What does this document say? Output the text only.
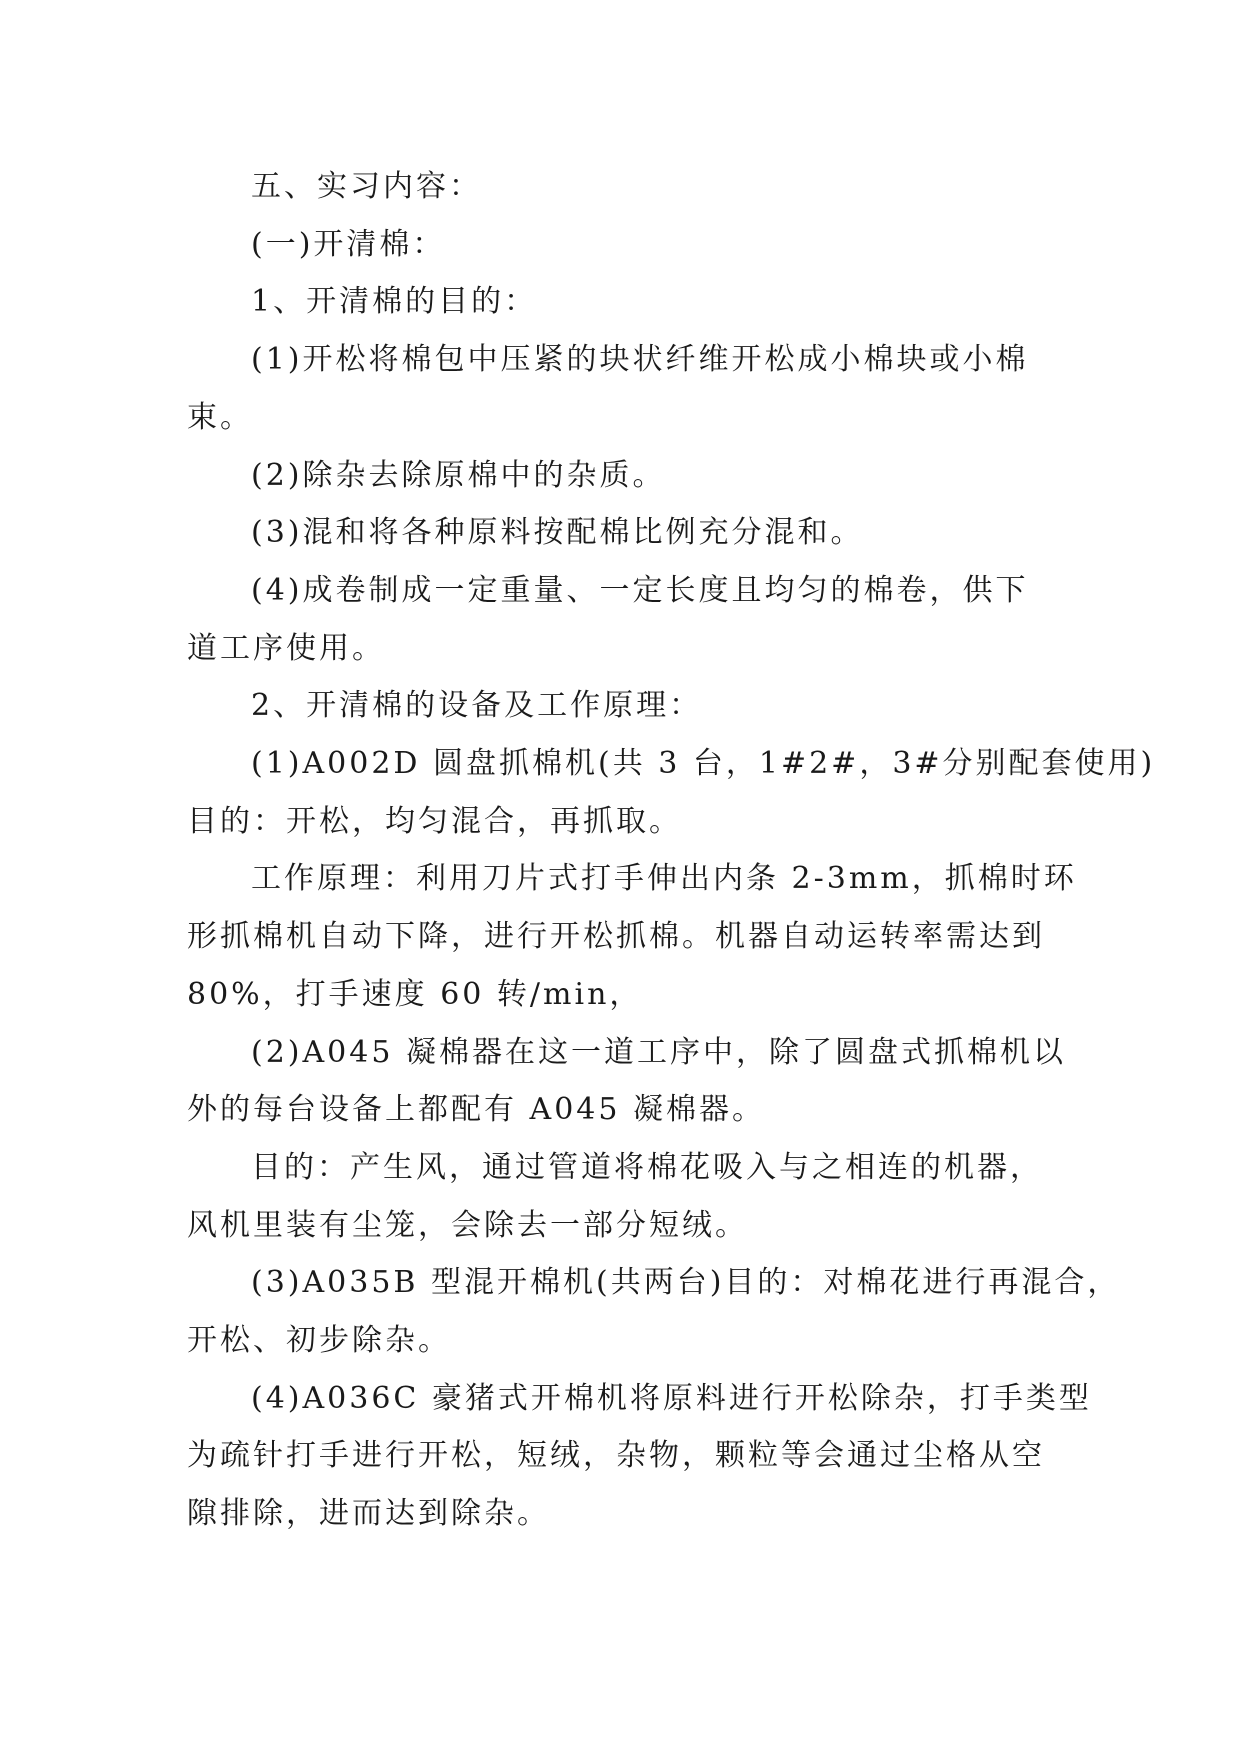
五、实习内容：
(一)开清棉：
1、开清棉的目的：
(1)开松将棉包中压紧的块状纤维开松成小棉块或小棉
束。
(2)除杂去除原棉中的杂质。
(3)混和将各种原料按配棉比例充分混和。
(4)成卷制成一定重量、一定长度且均匀的棉卷，供下
道工序使用。
2、开清棉的设备及工作原理：
(1)A002D 圆盘抓棉机(共 3 台，1#2#，3#分别配套使用)
目的：开松，均匀混合，再抓取。
工作原理：利用刀片式打手伸出内条 2-3mm，抓棉时环
形抓棉机自动下降，进行开松抓棉。机器自动运转率需达到
80%，打手速度 60 转/min，
(2)A045 凝棉器在这一道工序中，除了圆盘式抓棉机以
外的每台设备上都配有 A045 凝棉器。
目的：产生风，通过管道将棉花吸入与之相连的机器，
风机里装有尘笼，会除去一部分短绒。
(3)A035B 型混开棉机(共两台)目的：对棉花进行再混合，
开松、初步除杂。
(4)A036C 豪猪式开棉机将原料进行开松除杂，打手类型
为疏针打手进行开松，短绒，杂物，颗粒等会通过尘格从空
隙排除，进而达到除杂。
